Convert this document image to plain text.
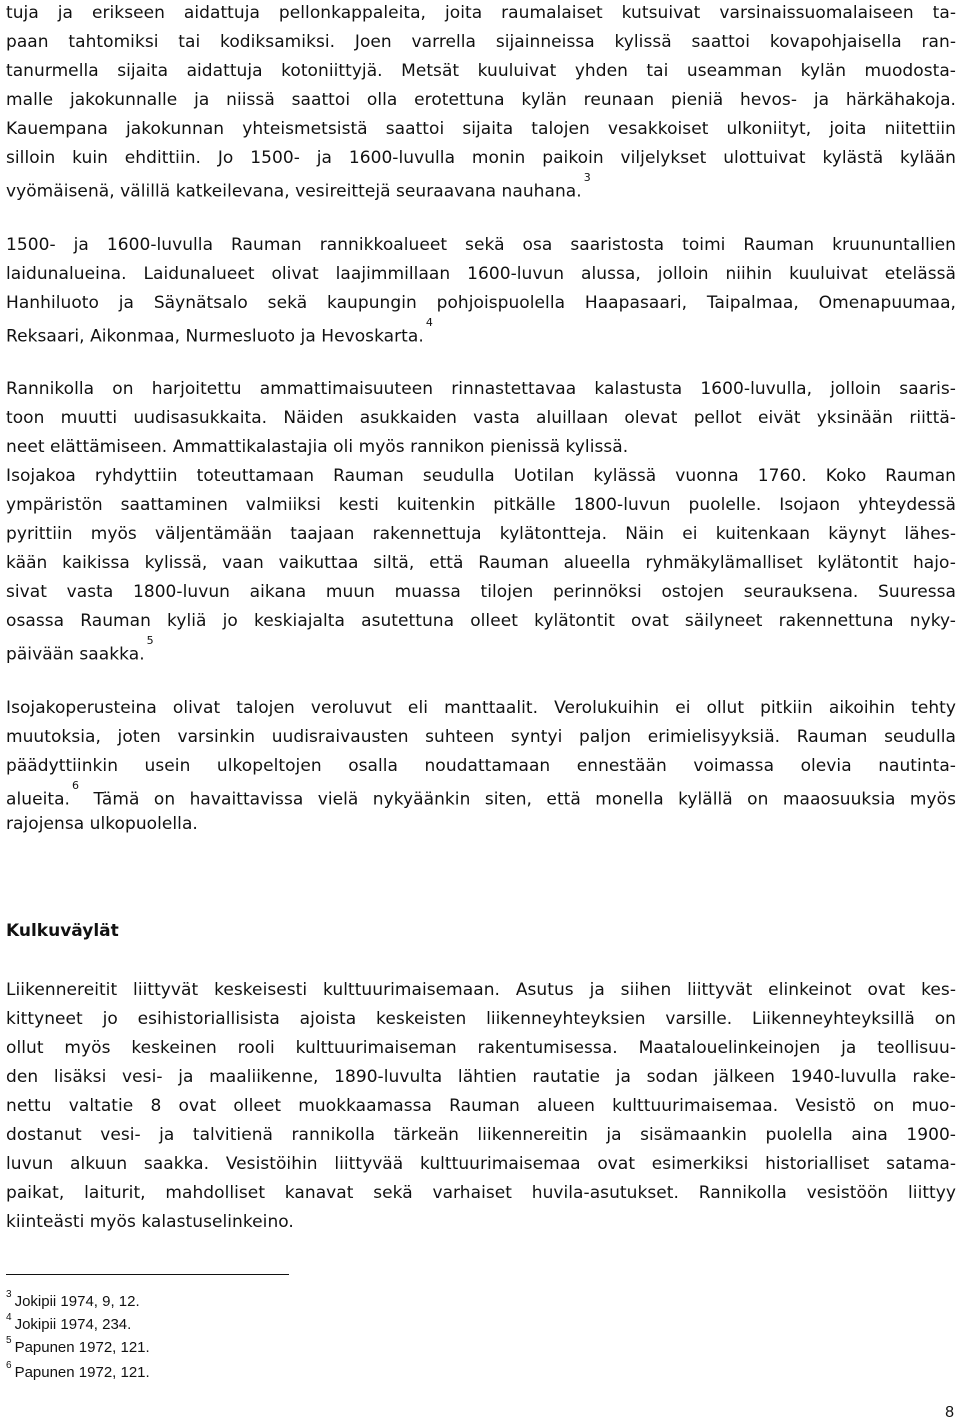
tuja ja erikseen aidattuja pellonkappaleita, joita raumalaiset kutsuivat varsinaissuomalaiseen ta-
paan tahtomiksi tai kodiksamiksi. Joen varrella sijainneissa kylissä saattoi kovapohjaisella ran-
tanurmella sijaita aidattuja kotoniittyjä. Metsät kuuluivat yhden tai useamman kylän muodosta-
malle jakokunnalle ja niissä saattoi olla erotettuna kylän reunaan pieniä hevos- ja härkähakoja.
Kauempana jakokunnan yhteismetsistä saattoi sijaita talojen vesakkoiset ulkoniityt, joita niitettiin
silloin kuin ehdittiin. Jo 1500- ja 1600-luvulla monin paikoin viljelykset ulottuivat kylästä kylään
vyömäisenä, välillä katkeilevana, vesireittejä seuraavana nauhana.$^3$
1500- ja 1600-luvulla Rauman rannikkoalueet sekä osa saaristosta toimi Rauman kruununtallien
laidunalueina. Laidunalueet olivat laajimmillaan 1600-luvun alussa, jolloin niihin kuuluivat etelässä
Hanhiluoto ja Säynätsalo sekä kaupungin pohjoispuolella Haapasaari, Taipalmaa, Omenapuumaa,
Reksaari, Aikonmaa, Nurmesluoto ja Hevoskarta.$^4$
Rannikolla on harjoitettu ammattimaisuuteen rinnastettavaa kalastusta 1600-luvulla, jolloin saaris-
toon muutti uudisasukkaita. Näiden asukkaiden vasta aluillaan olevat pellot eivät yksinään riittä-
neet elättämiseen. Ammattikalastajia oli myös rannikon pienissä kylissä.
Isojakoa ryhdyttiin toteuttamaan Rauman seudulla Uotilan kylässä vuonna 1760. Koko Rauman
ympäristön saattaminen valmiiksi kesti kuitenkin pitkälle 1800-luvun puolelle. Isojaon yhteydessä
pyrittiin myös väljentämään taajaan rakennettuja kylätontteja. Näin ei kuitenkaan käynyt lähes-
kään kaikissa kylissä, vaan vaikuttaa siltä, että Rauman alueella ryhmäkylämalliset kylätontit hajo-
sivat vasta 1800-luvun aikana muun muassa tilojen perinnöksi ostojen seurauksena. Suuressa
osassa Rauman kyliä jo keskiajalta asutettuna olleet kylätontit ovat säilyneet rakennettuna nyky-
päivään saakka.$^5$
Isojakoperusteina olivat talojen veroluvut eli manttaalit. Verolukuihin ei ollut pitkiin aikoihin tehty
muutoksia, joten varsinkin uudisraivausten suhteen syntyi paljon erimielisyyksiä. Rauman seudulla
päädyttiinkin usein ulkopeltojen osalla noudattamaan ennestään voimassa olevia nautinta-
alueita.$^6$ Tämä on havaittavissa vielä nykyäänkin siten, että monella kylällä on maaosuuksia myös
rajojensa ulkopuolella.
Kulkuväylät
Liikennereitit liittyvät keskeisesti kulttuurimaisemaan. Asutus ja siihen liittyvät elinkeinot ovat kes-
kittyneet jo esihistoriallisista ajoista keskeisten liikenneyhteyksien varsille. Liikenneyhteyksillä on
ollut myös keskeinen rooli kulttuurimaiseman rakentumisessa. Maatalouelinkeinojen ja teollisuu-
den lisäksi vesi- ja maaliikenne, 1890-luvulta lähtien rautatie ja sodan jälkeen 1940-luvulla rake-
nettu valtatie 8 ovat olleet muokkaamassa Rauman alueen kulttuurimaisemaa. Vesistö on muo-
dostanut vesi- ja talvitienä rannikolla tärkeän liikennereitin ja sisämaankin puolella aina 1900-
luvun alkuun saakka. Vesistöihin liittyvää kulttuurimaisemaa ovat esimerkiksi historialliset satama-
paikat, laiturit, mahdolliset kanavat sekä varhaiset huvila-asutukset. Rannikolla vesistöön liittyy
kiinteästi myös kalastuselinkeino.
$^3$ Jokipii 1974, 9, 12.
$^4$ Jokipii 1974, 234.
$^5$ Papunen 1972, 121.
$^6$ Papunen 1972, 121.
8
